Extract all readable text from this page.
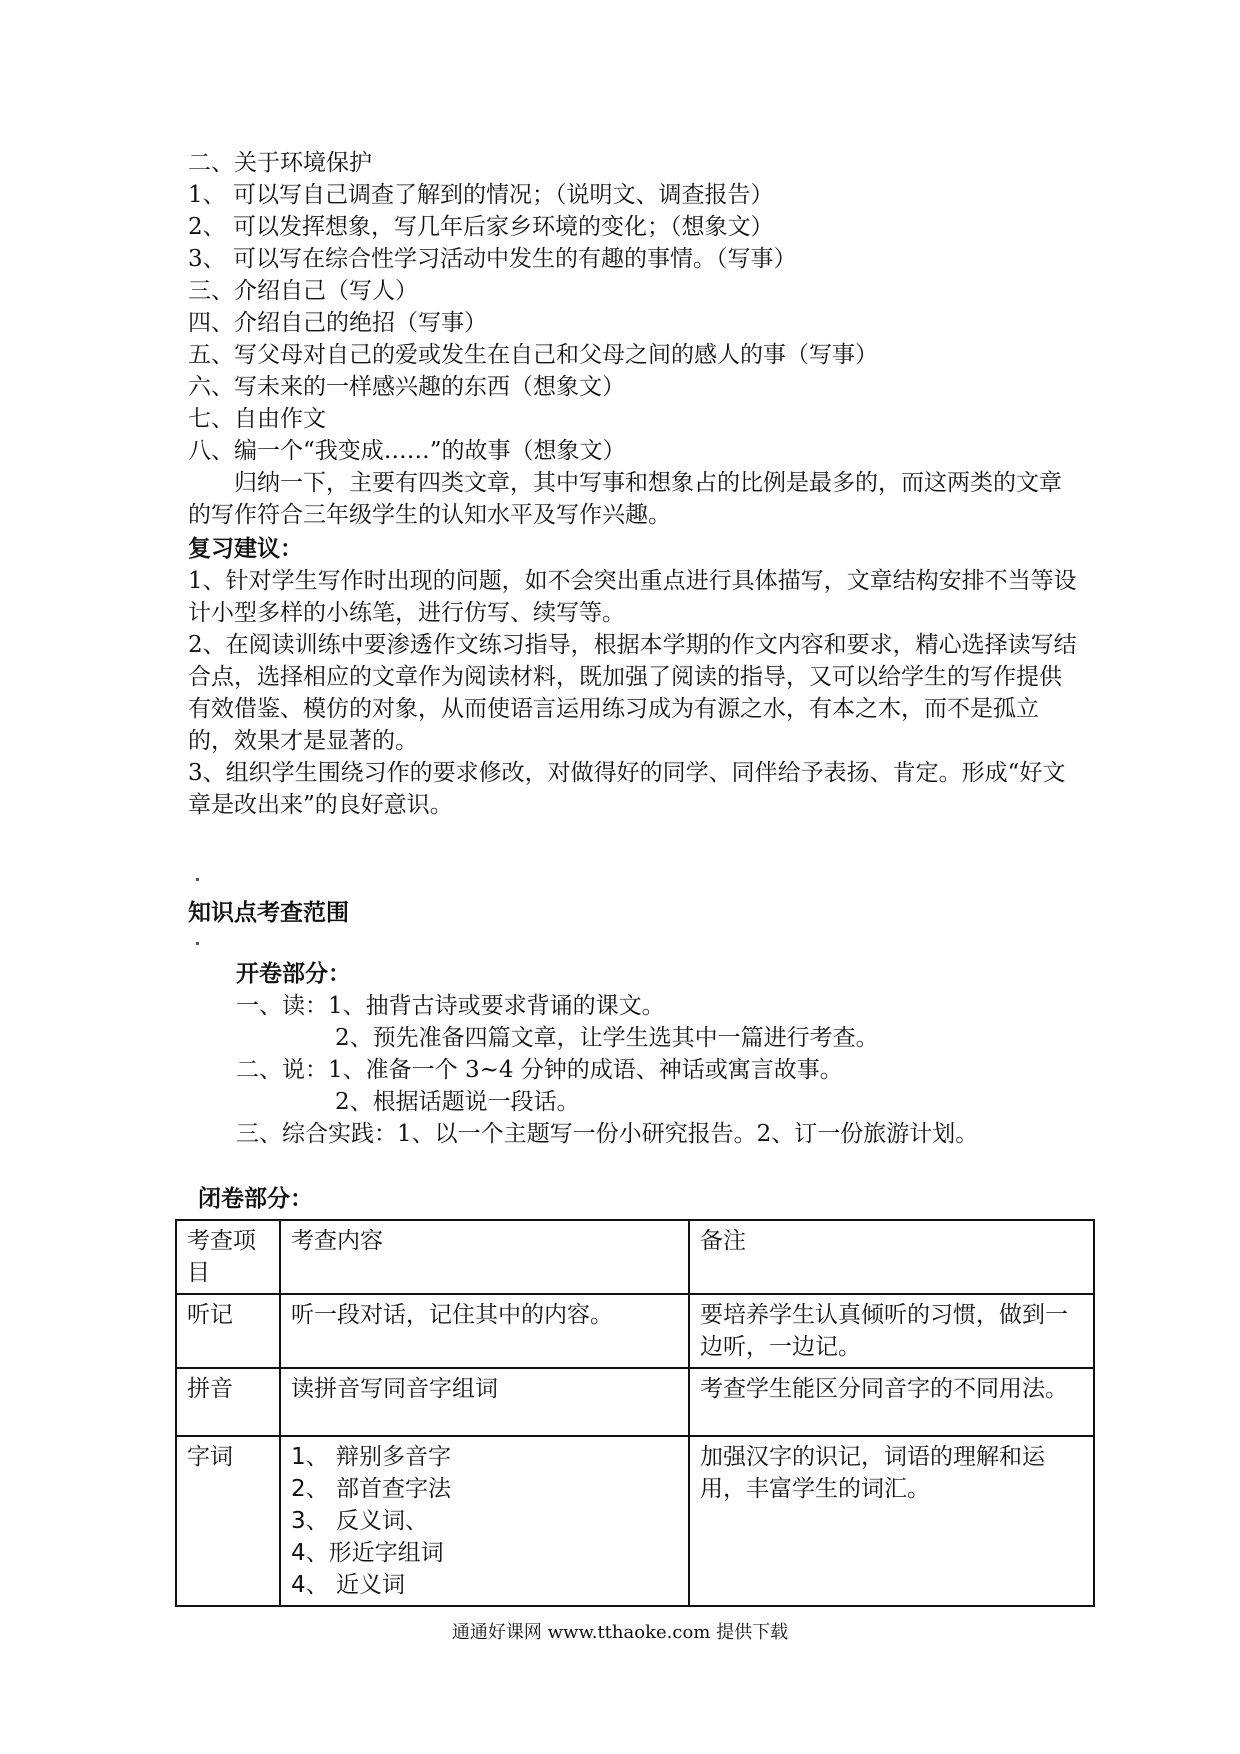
二、关于环境保护
1、 可以写自己调查了解到的情况；（说明文、调查报告）
2、 可以发挥想象，写几年后家乡环境的变化；（想象文）
3、 可以写在综合性学习活动中发生的有趣的事情。（写事）
三、介绍自己（写人）
四、介绍自己的绝招（写事）
五、写父母对自己的爱或发生在自己和父母之间的感人的事（写事）
六、写未来的一样感兴趣的东西（想象文）
七、自由作文
八、编一个“我变成……”的故事（想象文）
归纳一下，主要有四类文章，其中写事和想象占的比例是最多的，而这两类的文章的写作符合三年级学生的认知水平及写作兴趣。
复习建议：
1、针对学生写作时出现的问题，如不会突出重点进行具体描写，文章结构安排不当等设计小型多样的小练笔，进行仿写、续写等。
2、在阅读训练中要渗透作文练习指导，根据本学期的作文内容和要求，精心选择读写结合点，选择相应的文章作为阅读材料，既加强了阅读的指导，又可以给学生的写作提供有效借鉴、模仿的对象，从而使语言运用练习成为有源之水，有本之木，而不是孤立的，效果才是显著的。
3、组织学生围绕习作的要求修改，对做得好的同学、同伴给予表扬、肯定。形成“好文章是改出来”的良好意识。
知识点考查范围
开卷部分：
一、读：1、抽背古诗或要求背诵的课文。
2、预先准备四篇文章，让学生选其中一篇进行考查。
二、说：1、准备一个 3~4 分钟的成语、神话或寓言故事。
2、根据话题说一段话。
三、综合实践：1、以一个主题写一份小研究报告。2、订一份旅游计划。
闭卷部分：
考查项目	考查内容	备注
听记	听一段对话，记住其中的内容。	要培养学生认真倾听的习惯，做到一边听，一边记。
拼音	读拼音写同音字组词	考查学生能区分同音字的不同用法。
字词	1、 辩别多音字
2、 部首查字法
3、 反义词、
4、形近字组词
4、 近义词	加强汉字的识记，词语的理解和运用，丰富学生的词汇。
通通好课网 www.tthaoke.com 提供下载
